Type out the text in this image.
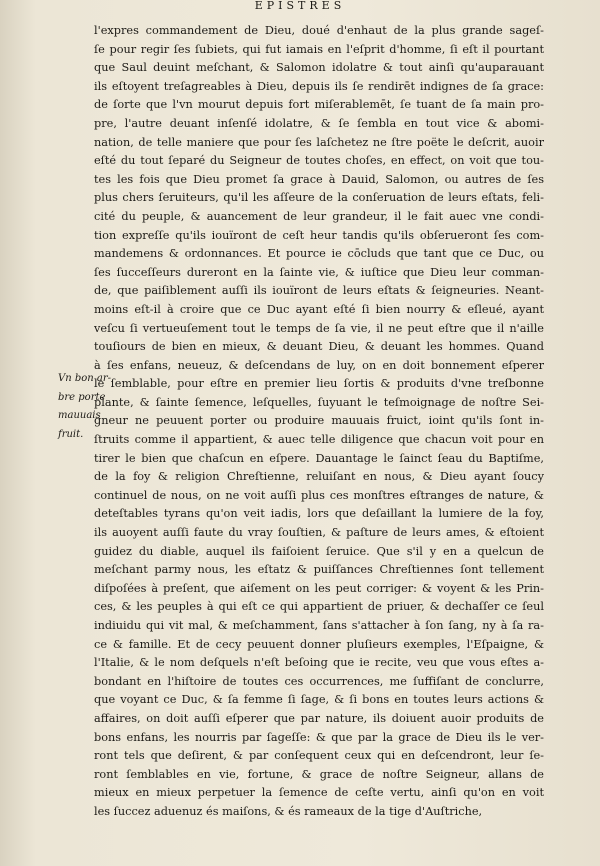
EPISTRES
Vn bon ar-
bre porte
mauuais
fruit.
l'expres commandement de Dieu, doué d'enhaut de la plus grande sageſ-
ſe pour regir ſes ſubiets, qui fut iamais en l'eſprit d'homme, ſi eſt il pourtant
que Saul deuint meſchant, & Salomon idolatre & tout ainſi qu'auparauant
ils eſtoyent treſagreables à Dieu, depuis ils ſe rendirēt indignes de ſa grace:
de ſorte que l'vn mourut depuis fort miſerablemēt, ſe tuant de ſa main pro-
pre, l'autre deuant inſenſé idolatre, & ſe ſembla en tout vice & abomi-
nation, de telle maniere que pour ſes laſchetez ne ſtre poëte le deſcrit, auoir
eſté du tout ſeparé du Seigneur de toutes choſes, en effect, on voit que tou-
tes les fois que Dieu promet ſa grace à Dauid, Salomon, ou autres de ſes
plus chers ſeruiteurs, qu'il les aſſeure de la conſeruation de leurs eſtats, feli-
cité du peuple, & auancement de leur grandeur, il le fait auec vne condi-
tion expreſſe qu'ils iouïront de ceſt heur tandis qu'ils obſerueront ſes com-
mandemens & ordonnances. Et pource ie cōcluds que tant que ce Duc, ou
ſes ſucceſſeurs dureront en la ſainte vie, & iuſtice que Dieu leur comman-
de, que paiſiblement auſſi ils iouïront de leurs eſtats & ſeigneuries. Neant-
moins eſt-il à croire que ce Duc ayant eſté ſi bien nourry & eſleué, ayant
veſcu ſi vertueuſement tout le temps de ſa vie, il ne peut eſtre que il n'aille
touſiours de bien en mieux, & deuant Dieu, & deuant les hommes. Quand
à ſes enfans, neueuz, & deſcendans de luy, on en doit bonnement eſperer
le ſemblable, pour eſtre en premier lieu ſortis & produits d'vne treſbonne
plante, & ſainte ſemence, leſquelles, ſuyuant le teſmoignage de noſtre Sei-
gneur ne peuuent porter ou produire mauuais fruict, ioint qu'ils ſont in-
ſtruits comme il appartient, & auec telle diligence que chacun voit pour en
tirer le bien que chaſcun en eſpere. Dauantage le ſainct ſeau du Baptiſme,
de la foy & religion Chreſtienne, reluiſant en nous, & Dieu ayant ſoucy
continuel de nous, on ne voit auſſi plus ces monſtres eſtranges de nature, &
deteſtables tyrans qu'on veit iadis, lors que deſaillant la lumiere de la foy,
ils auoyent auſſi faute du vray ſouſtien, & paſture de leurs ames, & eſtoient
guidez du diable, auquel ils faiſoient ſeruice. Que s'il y en a quelcun de
meſchant parmy nous, les eſtatz & puiſſances Chreſtiennes ſont tellement
diſpoſées à preſent, que aiſement on les peut corriger: & voyent & les Prin-
ces, & les peuples à qui eſt ce qui appartient de priuer, & dechaſſer ce ſeul
indiuidu qui vit mal, & meſchamment, ſans s'attacher à ſon ſang, ny à ſa ra-
ce & famille. Et de cecy peuuent donner pluſieurs exemples, l'Eſpaigne, &
l'Italie, & le nom deſquels n'eſt beſoing que ie recite, veu que vous eſtes a-
bondant en l'hiſtoire de toutes ces occurrences, me ſuffiſant de conclurre,
que voyant ce Duc, & ſa femme ſi ſage, & ſi bons en toutes leurs actions &
affaires, on doit auſſi eſperer que par nature, ils doiuent auoir produits de
bons enfans, les nourris par ſageſſe: & que par la grace de Dieu ils le ver-
ront tels que deſirent, & par conſequent ceux qui en deſcendront, leur ſe-
ront ſemblables en vie, fortune, & grace de noſtre Seigneur, allans de
mieux en mieux perpetuer la ſemence de ceſte vertu, ainſi qu'on en voit
les ſuccez aduenuz és maiſons, & és rameaux de la tige d'Auſtriche,
